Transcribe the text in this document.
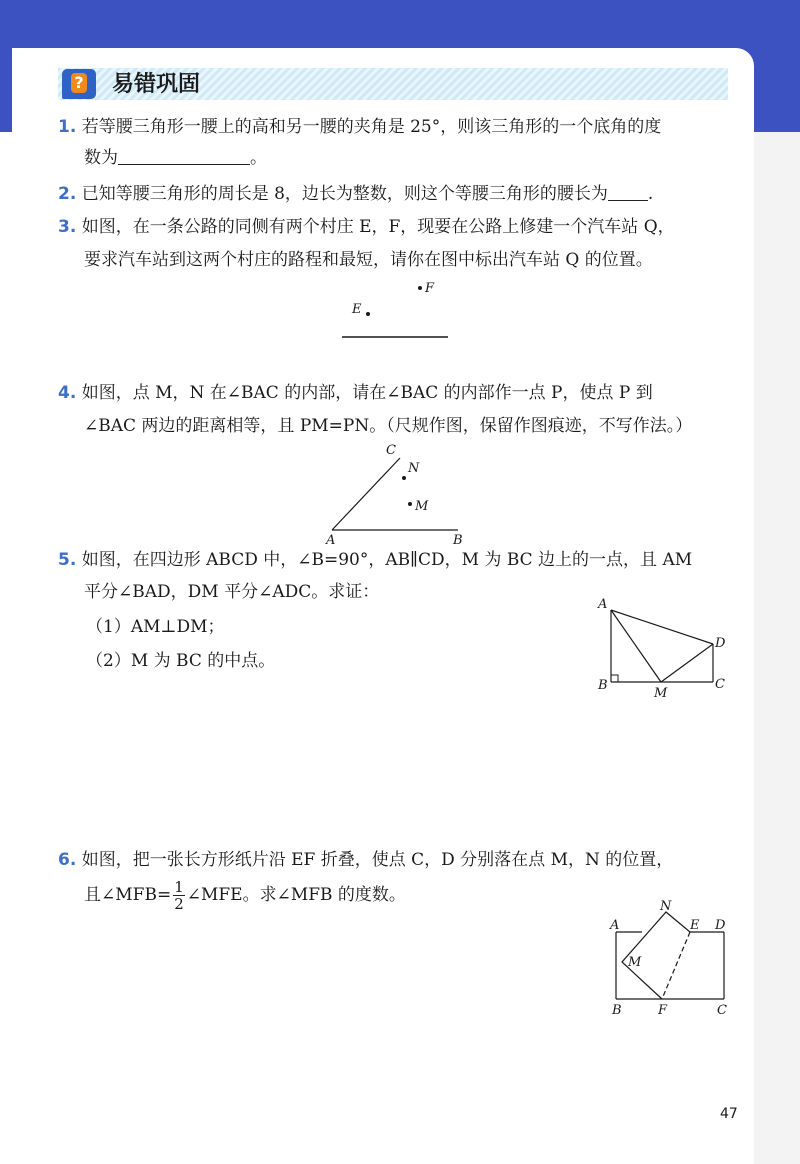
? 易错巩固
1. 若等腰三角形一腰上的高和另一腰的夹角是 25°，则该三角形的一个底角的度
数为	。
2. 已知等腰三角形的周长是 8，边长为整数，则这个等腰三角形的腰长为 .
3. 如图，在一条公路的同侧有两个村庄 E，F，现要在公路上修建一个汽车站 Q，
要求汽车站到这两个村庄的路程和最短，请你在图中标出汽车站 Q 的位置。
F
E
4. 如图，点 M，N 在∠BAC 的内部，请在∠BAC 的内部作一点 P，使点 P 到
∠BAC 两边的距离相等，且 PM=PN。（尺规作图，保留作图痕迹，不写作法。）
C
A	B
N
M
5. 如图，在四边形 ABCD 中，∠B=90°，AB∥CD，M 为 BC 边上的一点，且 AM
平分∠BAD，DM 平分∠ADC。求证：
（1）AM⊥DM；
（2）M 为 BC 的中点。
A
B
M
C
D
6. 如图，把一张长方形纸片沿 EF 折叠，使点 C，D 分别落在点 M，N 的位置，
且∠MFB= $\frac{1}{2}$ ∠MFE。求∠MFB 的度数。
A
N
E D
M
B	F	C
47
